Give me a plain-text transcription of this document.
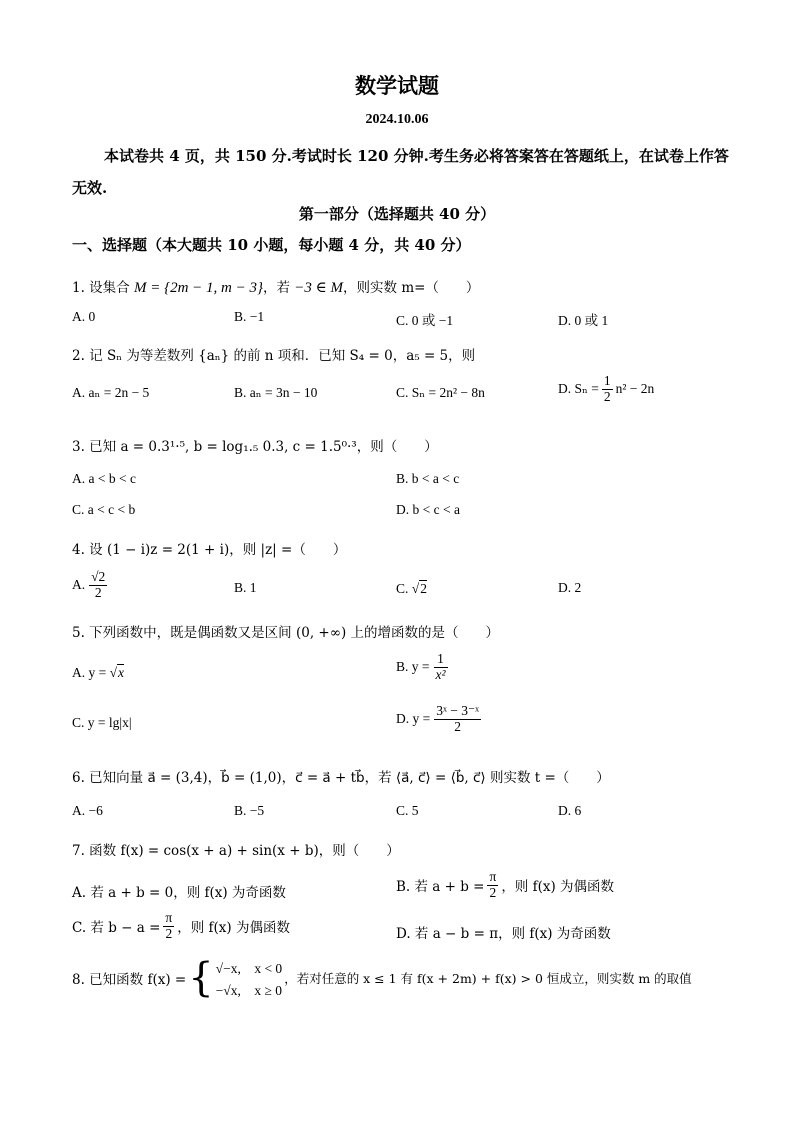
数学试题
2024.10.06
本试卷共 4 页，共 150 分.考试时长 120 分钟.考生务必将答案答在答题纸上，在试卷上作答无效.
第一部分（选择题共 40 分）
一、选择题（本大题共 10 小题，每小题 4 分，共 40 分）
1. 设集合 M = {2m − 1, m − 3}，若 −3 ∈ M，则实数 m=（　　）
A. 0	B. −1	C. 0 或 −1	D. 0 或 1
2. 记 Sₙ 为等差数列 {aₙ} 的前 n 项和．已知 S₄ = 0，a₅ = 5，则
A. aₙ = 2n − 5	B. aₙ = 3n − 10	C. Sₙ = 2n² − 8n	D. $S_n = \frac{1}{2} n^2 - 2n$
3. 已知 a = 0.3¹·⁵, b = log₁.₅ 0.3, c = 1.5⁰·³，则（　　）
A. a < b < c	B. b < a < c
C. a < c < b	D. b < c < a
4. 设 (1 − i)z = 2(1 + i)，则 |z| =（　　）
A. $\frac{√2}{2}$	B. 1	C. √2	D. 2
5. 下列函数中，既是偶函数又是区间 (0, +∞) 上的增函数的是（　　）
A. y = √x	B. $y = \frac{1}{\text{x²}}$
C. y = lg|x|	D. $y = \frac{\text{3ˣ − 3⁻ˣ}}{2}$
6. 已知向量 a⃗ = (3,4)，b⃗ = (1,0)，c⃗ = a⃗ + tb⃗，若 ⟨a⃗, c⃗⟩ = ⟨b⃗, c⃗⟩ 则实数 t =（　　）
A. −6	B. −5	C. 5	D. 6
7. 函数 f(x) = cos(x + a) + sin(x + b)，则（　　）
A. 若 a + b = 0，则 f(x) 为奇函数	B. 若 $a + b = \frac{\pi}{2}$ ，则 f(x) 为偶函数
C. 若 $b - a = \frac{\pi}{2}$ ，则 f(x) 为偶函数	D. 若 a − b = π，则 f(x) 为奇函数
8. 已知函数 f(x) = { √−x,　x < 0
−√x,　x ≥ 0
，若对任意的 x ≤ 1 有 f(x + 2m) + f(x) > 0 恒成立，则实数 m 的取值
